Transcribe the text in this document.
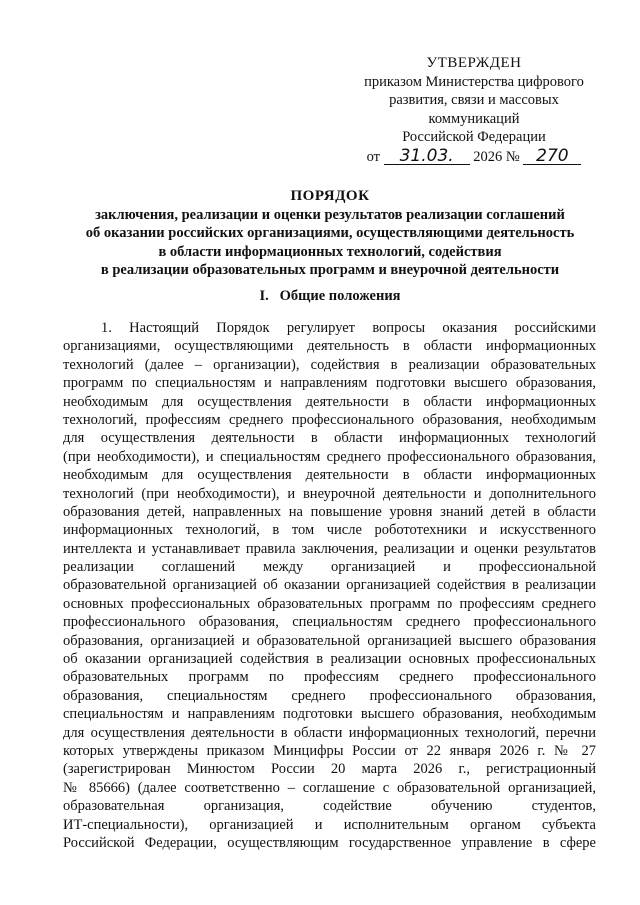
УТВЕРЖДЕН
приказом Министерства цифрового
развития, связи и массовых
коммуникаций
Российской Федерации
от 31.03. 2026 № 270
ПОРЯДОК
заключения, реализации и оценки результатов реализации соглашений
об оказании российских организациями, осуществляющими деятельность
в области информационных технологий, содействия
в реализации образовательных программ и внеурочной деятельности
I.   Общие положения
1. Настоящий Порядок регулирует вопросы оказания российскими
организациями, осуществляющими деятельность в области информационных
технологий (далее – организации), содействия в реализации образовательных
программ по специальностям и направлениям подготовки высшего образования,
необходимым для осуществления деятельности в области информационных
технологий, профессиям среднего профессионального образования, необходимым
для осуществления деятельности в области информационных технологий
(при необходимости), и специальностям среднего профессионального образования,
необходимым для осуществления деятельности в области информационных
технологий (при необходимости), и внеурочной деятельности и дополнительного
образования детей, направленных на повышение уровня знаний детей в области
информационных технологий, в том числе робототехники и искусственного
интеллекта и устанавливает правила заключения, реализации и оценки результатов
реализации соглашений между организацией и профессиональной
образовательной организацией об оказании организацией содействия в реализации
основных профессиональных образовательных программ по профессиям среднего
профессионального образования, специальностям среднего профессионального
образования, организацией и образовательной организацией высшего образования
об оказании организацией содействия в реализации основных профессиональных
образовательных программ по профессиям среднего профессионального
образования, специальностям среднего профессионального образования,
специальностям и направлениям подготовки высшего образования, необходимым
для осуществления деятельности в области информационных технологий, перечни
которых утверждены приказом Минцифры России от 22 января 2026 г. № 27
(зарегистрирован Минюстом России 20 марта 2026 г., регистрационный
№ 85666) (далее соответственно – соглашение с образовательной организацией,
образовательная организация, содействие обучению студентов,
ИТ-специальности), организацией и исполнительным органом субъекта
Российской Федерации, осуществляющим государственное управление в сфере
